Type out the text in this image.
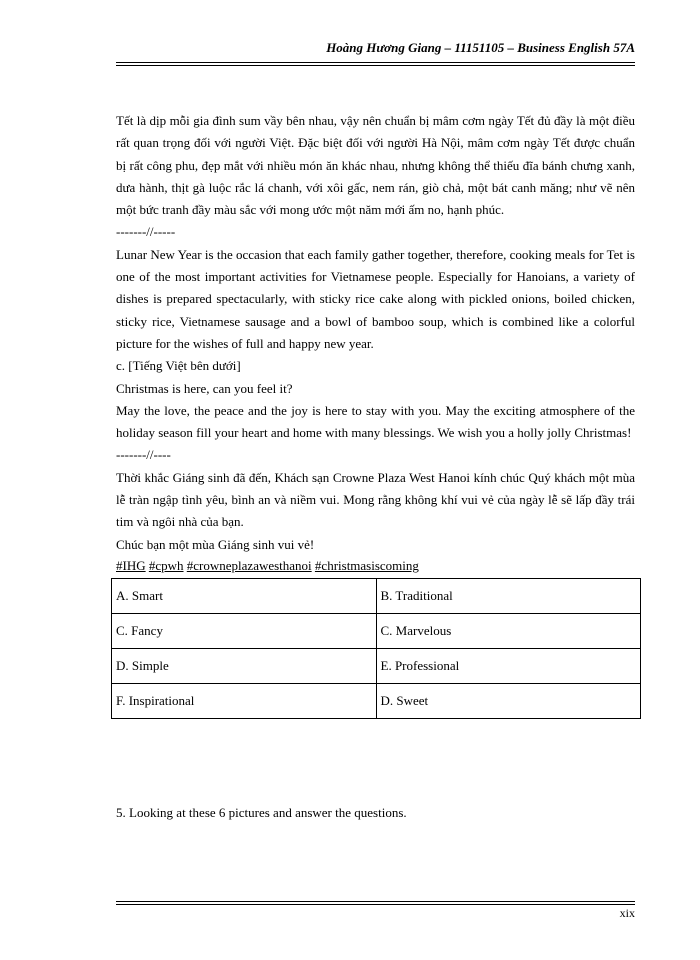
Hoàng Hương Giang – 11151105 – Business English 57A

Tết là dịp mỗi gia đình sum vầy bên nhau, vậy nên chuẩn bị mâm cơm ngày Tết đủ đầy là một điều rất quan trọng đối với người Việt. Đặc biệt đối với người Hà Nội, mâm cơm ngày Tết được chuẩn bị rất công phu, đẹp mắt với nhiều món ăn khác nhau, nhưng không thể thiếu đĩa bánh chưng xanh, dưa hành, thịt gà luộc rắc lá chanh, với xôi gấc, nem rán, giò chả, một bát canh măng; như vẽ nên một bức tranh đầy màu sắc với mong ước một năm mới ấm no, hạnh phúc.

-------//-----

Lunar New Year is the occasion that each family gather together, therefore, cooking meals for Tet is one of the most important activities for Vietnamese people. Especially for Hanoians, a variety of dishes is prepared spectacularly, with sticky rice cake along with pickled onions, boiled chicken, sticky rice, Vietnamese sausage and a bowl of bamboo soup, which is combined like a colorful picture for the wishes of full and happy new year.

c. [Tiếng Việt bên dưới]

Christmas is here, can you feel it?

May the love, the peace and the joy is here to stay with you. May the exciting atmosphere of the holiday season fill your heart and home with many blessings. We wish you a holly jolly Christmas!

-------//----

Thời khắc Giáng sinh đã đến, Khách sạn Crowne Plaza West Hanoi kính chúc Quý khách một mùa lễ tràn ngập tình yêu, bình an và niềm vui. Mong rằng không khí vui vẻ của ngày lễ sẽ lấp đầy trái tim và ngôi nhà của bạn.

Chúc bạn một mùa Giáng sinh vui vẻ!

#IHG #cpwh #crowneplazawesthanoi #christmasiscoming

A. Smart	B. Traditional
C. Fancy	C. Marvelous
D. Simple	E. Professional
F. Inspirational	D. Sweet
5. Looking at these 6 pictures and answer the questions.
xix
